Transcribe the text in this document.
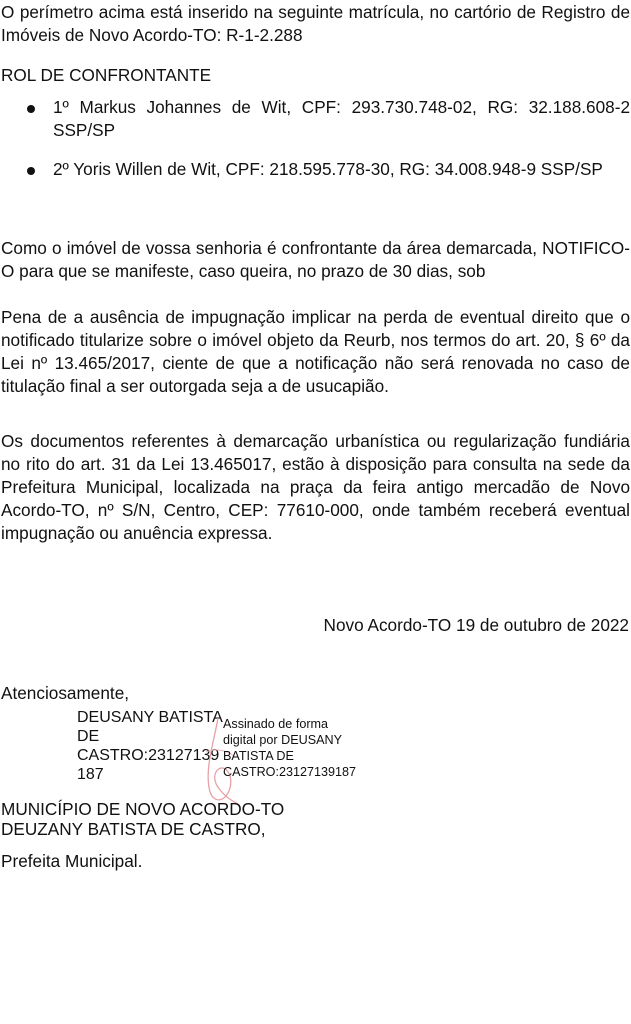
O perímetro acima está inserido na seguinte matrícula, no cartório de Registro de Imóveis de Novo Acordo-TO: R-1-2.288

ROL DE CONFRONTANTE

1º Markus Johannes de Wit, CPF: 293.730.748-02, RG: 32.188.608-2 SSP/SP
2º Yoris Willen de Wit, CPF: 218.595.778-30, RG: 34.008.948-9 SSP/SP

Como o imóvel de vossa senhoria é confrontante da área demarcada, NOTIFICO-O para que se manifeste, caso queira, no prazo de 30 dias, sob

Pena de a ausência de impugnação implicar na perda de eventual direito que o notificado titularize sobre o imóvel objeto da Reurb, nos termos do art. 20, § 6º da Lei nº 13.465/2017, ciente de que a notificação não será renovada no caso de titulação final a ser outorgada seja a de usucapião.

Os documentos referentes à demarcação urbanística ou regularização fundiária no rito do art. 31 da Lei 13.465017, estão à disposição para consulta na sede da Prefeitura Municipal, localizada na praça da feira antigo mercadão de Novo Acordo-TO, nº S/N, Centro, CEP: 77610-000, onde também receberá eventual impugnação ou anuência expressa.

Novo Acordo-TO 19 de outubro de 2022

Atenciosamente,

DEUSANY BATISTA
DE
CASTRO:23127139
187

Assinado de forma
digital por DEUSANY
BATISTA DE
CASTRO:23127139187

MUNICÍPIO DE NOVO ACORDO-TO

DEUZANY BATISTA DE CASTRO,

Prefeita Municipal.
